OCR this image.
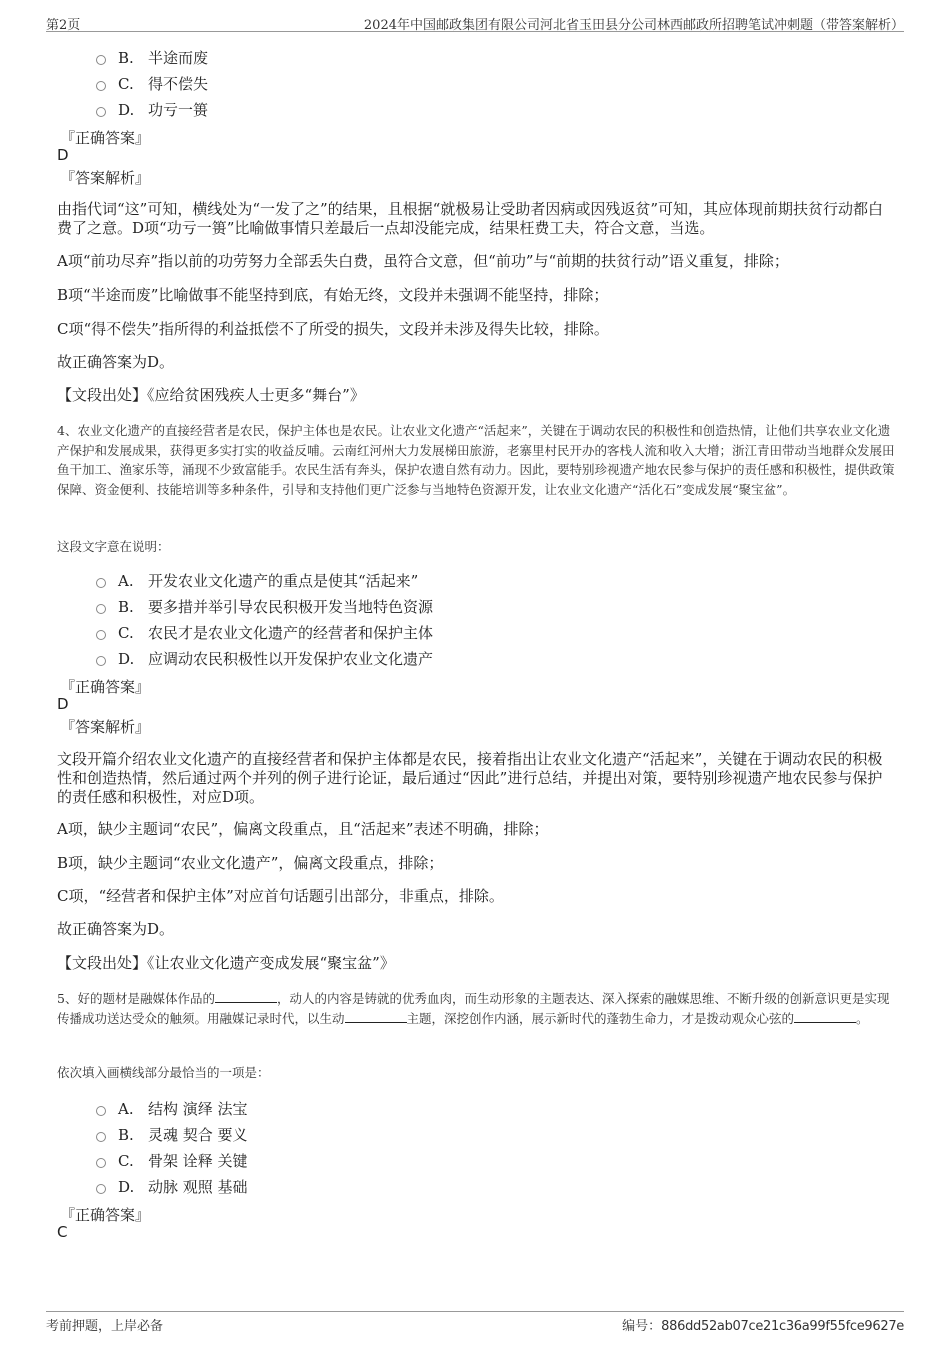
第2页	2024年中国邮政集团有限公司河北省玉田县分公司林西邮政所招聘笔试冲刺题（带答案解析）
B. 半途而废
C. 得不偿失
D. 功亏一篑
『正确答案』
D
『答案解析』
由指代词“这”可知，横线处为“一发了之”的结果，且根据“就极易让受助者因病或因残返贫”可知，其应体现前期扶贫行动都白费了之意。D项“功亏一篑”比喻做事情只差最后一点却没能完成，结果枉费工夫，符合文意，当选。
A项“前功尽弃”指以前的功劳努力全部丢失白费，虽符合文意，但“前功”与“前期的扶贫行动”语义重复，排除；
B项“半途而废”比喻做事不能坚持到底，有始无终，文段并未强调不能坚持，排除；
C项“得不偿失”指所得的利益抵偿不了所受的损失，文段并未涉及得失比较，排除。
故正确答案为D。
【文段出处】《应给贫困残疾人士更多“舞台”》
4、农业文化遗产的直接经营者是农民，保护主体也是农民。让农业文化遗产“活起来”，关键在于调动农民的积极性和创造热情，让他们共享农业文化遗产保护和发展成果，获得更多实打实的收益反哺。云南红河州大力发展梯田旅游，老寨里村民开办的客栈人流和收入大增；浙江青田带动当地群众发展田鱼干加工、渔家乐等，涌现不少致富能手。农民生活有奔头，保护农遗自然有动力。因此，要特别珍视遗产地农民参与保护的责任感和积极性，提供政策保障、资金便利、技能培训等多种条件，引导和支持他们更广泛参与当地特色资源开发，让农业文化遗产“活化石”变成发展“聚宝盆”。
这段文字意在说明：
A. 开发农业文化遗产的重点是使其“活起来”
B. 要多措并举引导农民积极开发当地特色资源
C. 农民才是农业文化遗产的经营者和保护主体
D. 应调动农民积极性以开发保护农业文化遗产
『正确答案』
D
『答案解析』
文段开篇介绍农业文化遗产的直接经营者和保护主体都是农民，接着指出让农业文化遗产“活起来”，关键在于调动农民的积极性和创造热情，然后通过两个并列的例子进行论证，最后通过“因此”进行总结，并提出对策，要特别珍视遗产地农民参与保护的责任感和积极性，对应D项。
A项，缺少主题词“农民”，偏离文段重点，且“活起来”表述不明确，排除；
B项，缺少主题词“农业文化遗产”，偏离文段重点，排除；
C项，“经营者和保护主体”对应首句话题引出部分，非重点，排除。
故正确答案为D。
【文段出处】《让农业文化遗产变成发展“聚宝盆”》
5、好的题材是融媒体作品的	，动人的内容是铸就的优秀血肉，而生动形象的主题表达、深入探索的融媒思维、不断升级的创新意识更是实现传播成功送达受众的触须。用融媒记录时代，以生动	主题，深挖创作内涵，展示新时代的蓬勃生命力，才是拨动观众心弦的	。
依次填入画横线部分最恰当的一项是：
A. 结构 演绎 法宝
B. 灵魂 契合 要义
C. 骨架 诠释 关键
D. 动脉 观照 基础
『正确答案』
C
考前押题，上岸必备	编号：886dd52ab07ce21c36a99f55fce9627e
